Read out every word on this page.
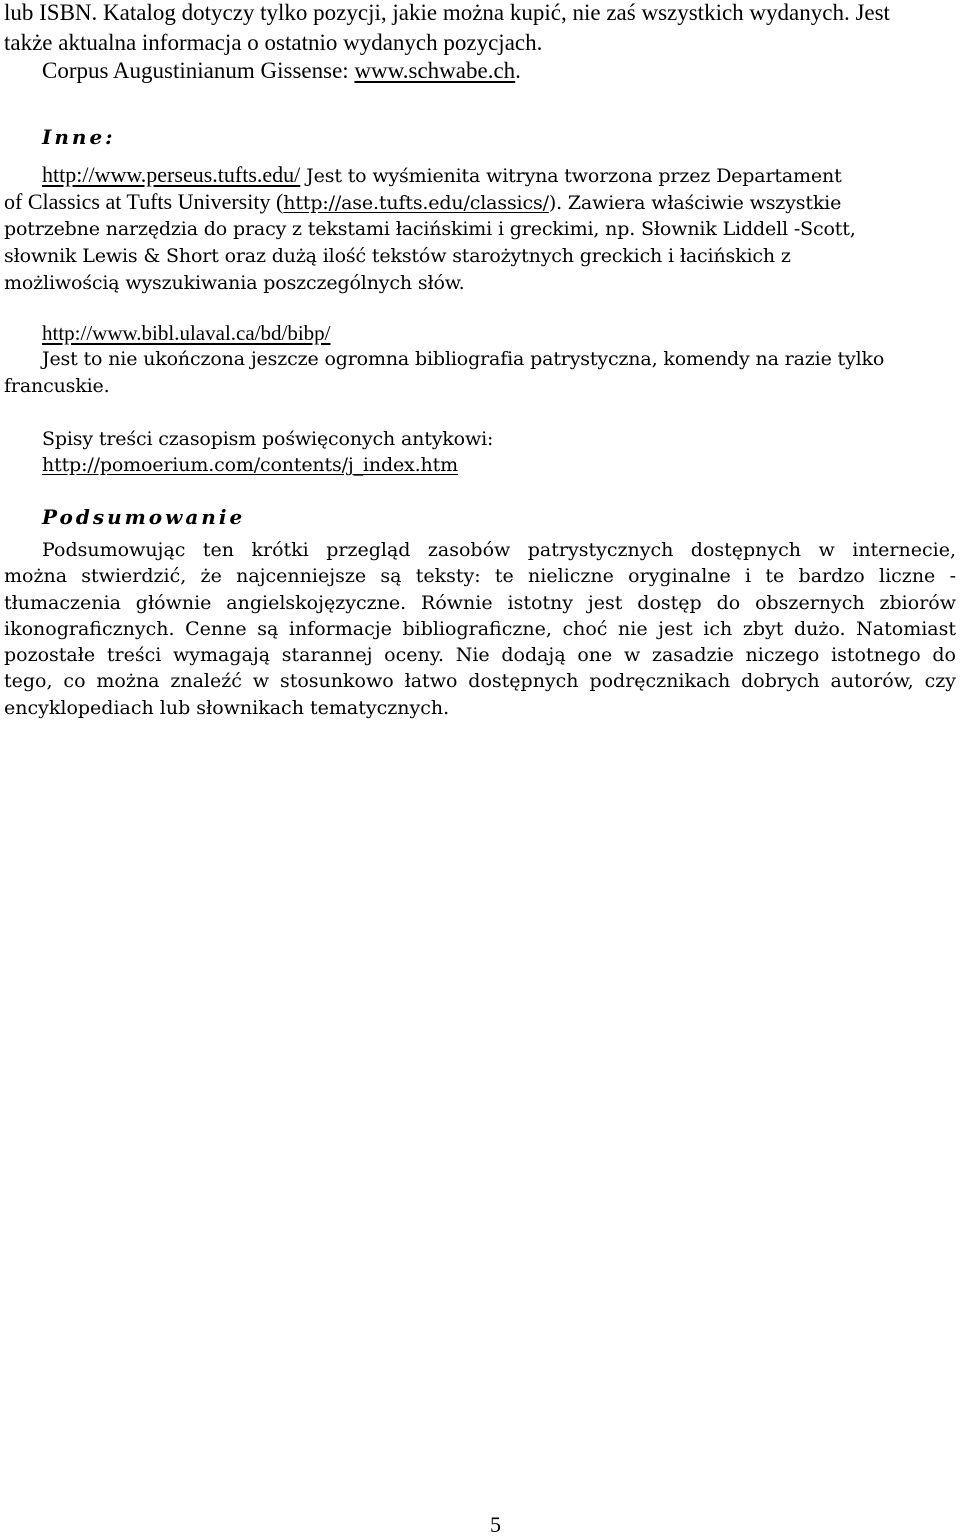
lub ISBN. Katalog dotyczy tylko pozycji, jakie można kupić, nie zaś wszystkich wydanych. Jest
także aktualna informacja o ostatnio wydanych pozycjach.
Corpus Augustinianum Gissense: www.schwabe.ch.
Inne:
http://www.perseus.tufts.edu/ Jest to wyśmienita witryna tworzona przez Departament
of Classics at Tufts University (http://ase.tufts.edu/classics/). Zawiera właściwie wszystkie
potrzebne narzędzia do pracy z tekstami łacińskimi i greckimi, np. Słownik Liddell -Scott,
słownik Lewis & Short oraz dużą ilość tekstów starożytnych greckich i łacińskich z
możliwością wyszukiwania poszczególnych słów.
http://www.bibl.ulaval.ca/bd/bibp/
Jest to nie ukończona jeszcze ogromna bibliografia patrystyczna, komendy na razie tylko
francuskie.
Spisy treści czasopism poświęconych antykowi:
http://pomoerium.com/contents/j_index.htm
Podsumowanie
Podsumowując ten krótki przegląd zasobów patrystycznych dostępnych w internecie,
można stwierdzić, że najcenniejsze są teksty: te nieliczne oryginalne i te bardzo liczne -
tłumaczenia głównie angielskojęzyczne. Równie istotny jest dostęp do obszernych zbiorów
ikonograficznych. Cenne są informacje bibliograficzne, choć nie jest ich zbyt dużo. Natomiast
pozostałe treści wymagają starannej oceny. Nie dodają one w zasadzie niczego istotnego do
tego, co można znaleźć w stosunkowo łatwo dostępnych podręcznikach dobrych autorów, czy
encyklopediach lub słownikach tematycznych.
5
